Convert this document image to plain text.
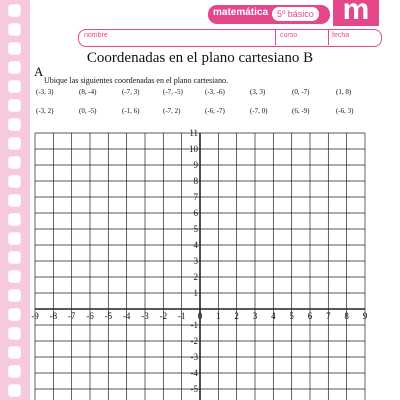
matemática 5º básico m
nombre	curso	fecha
Coordenadas en el plano cartesiano B
A
Ubique las siguientes coordenadas en el plano cartesiano.
(-3, 3)	(8, -4)	(-7, 3)	(-7, -5)	(-3, -6)	(3, 3)	(0, -7)	(1, 8)
(-3, 2)	(0, -5)	(-1, 6)	(-7, 2)	(-6, -7)	(-7, 0)	(6, -9)	(-6, 3)
-9 -8 -7 -6 -5 -4 -3 -2 -1 0 1 2 3 4 5 6 7 8 9
11
10
9
8
7
6
5
4
3
2
1
-1
-2
-3
-4
-5
